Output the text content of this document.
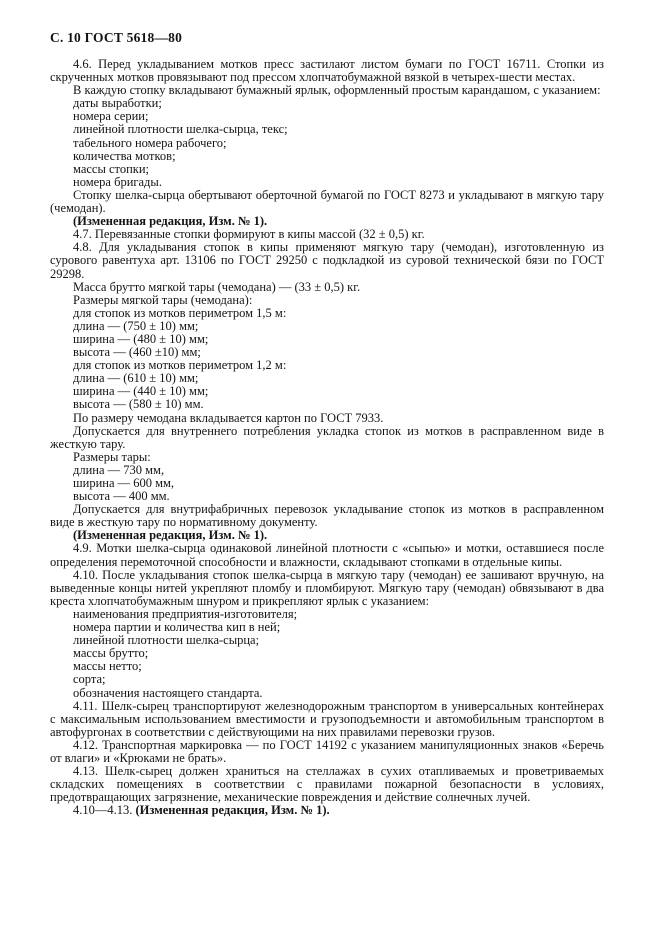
С. 10 ГОСТ 5618—80
4.6. Перед укладыванием мотков пресс застилают листом бумаги по ГОСТ 16711. Стопки из скрученных мотков провязывают под прессом хлопчатобумажной вязкой в четырех-шести местах.
В каждую стопку вкладывают бумажный ярлык, оформленный простым карандашом, с указанием:
даты выработки;
номера серии;
линейной плотности шелка-сырца, текс;
табельного номера рабочего;
количества мотков;
массы стопки;
номера бригады.
Стопку шелка-сырца обертывают оберточной бумагой по ГОСТ 8273 и укладывают в мягкую тару (чемодан).
(Измененная редакция, Изм. № 1).
4.7. Перевязанные стопки формируют в кипы массой (32 ± 0,5) кг.
4.8. Для укладывания стопок в кипы применяют мягкую тару (чемодан), изготовленную из сурового равентуха арт. 13106 по ГОСТ 29250 с подкладкой из суровой технической бязи по ГОСТ 29298.
Масса брутто мягкой тары (чемодана) — (33 ± 0,5) кг.
Размеры мягкой тары (чемодана):
для стопок из мотков периметром 1,5 м:
длина — (750 ± 10) мм;
ширина — (480 ± 10) мм;
высота — (460 ±10) мм;
для стопок из мотков периметром 1,2 м:
длина — (610 ± 10) мм;
ширина — (440 ± 10) мм;
высота — (580 ± 10) мм.
По размеру чемодана вкладывается картон по ГОСТ 7933.
Допускается для внутреннего потребления укладка стопок из мотков в расправленном виде в жесткую тару.
Размеры тары:
длина — 730 мм,
ширина — 600 мм,
высота — 400 мм.
Допускается для внутрифабричных перевозок укладывание стопок из мотков в расправленном виде в жесткую тару по нормативному документу.
(Измененная редакция, Изм. № 1).
4.9. Мотки шелка-сырца одинаковой линейной плотности с «сыпью» и мотки, оставшиеся после определения перемоточной способности и влажности, складывают стопками в отдельные кипы.
4.10. После укладывания стопок шелка-сырца в мягкую тару (чемодан) ее зашивают вручную, на выведенные концы нитей укрепляют пломбу и пломбируют. Мягкую тару (чемодан) обвязывают в два креста хлопчатобумажным шнуром и прикрепляют ярлык с указанием:
наименования предприятия-изготовителя;
номера партии и количества кип в ней;
линейной плотности шелка-сырца;
массы брутто;
массы нетто;
сорта;
обозначения настоящего стандарта.
4.11. Шелк-сырец транспортируют железнодорожным транспортом в универсальных контейнерах с максимальным использованием вместимости и грузоподъемности и автомобильным транспортом в автофургонах в соответствии с действующими на них правилами перевозки грузов.
4.12. Транспортная маркировка — по ГОСТ 14192 с указанием манипуляционных знаков «Беречь от влаги» и «Крюками не брать».
4.13. Шелк-сырец должен храниться на стеллажах в сухих отапливаемых и проветриваемых складских помещениях в соответствии с правилами пожарной безопасности в условиях, предотвращающих загрязнение, механические повреждения и действие солнечных лучей.
4.10—4.13. (Измененная редакция, Изм. № 1).
